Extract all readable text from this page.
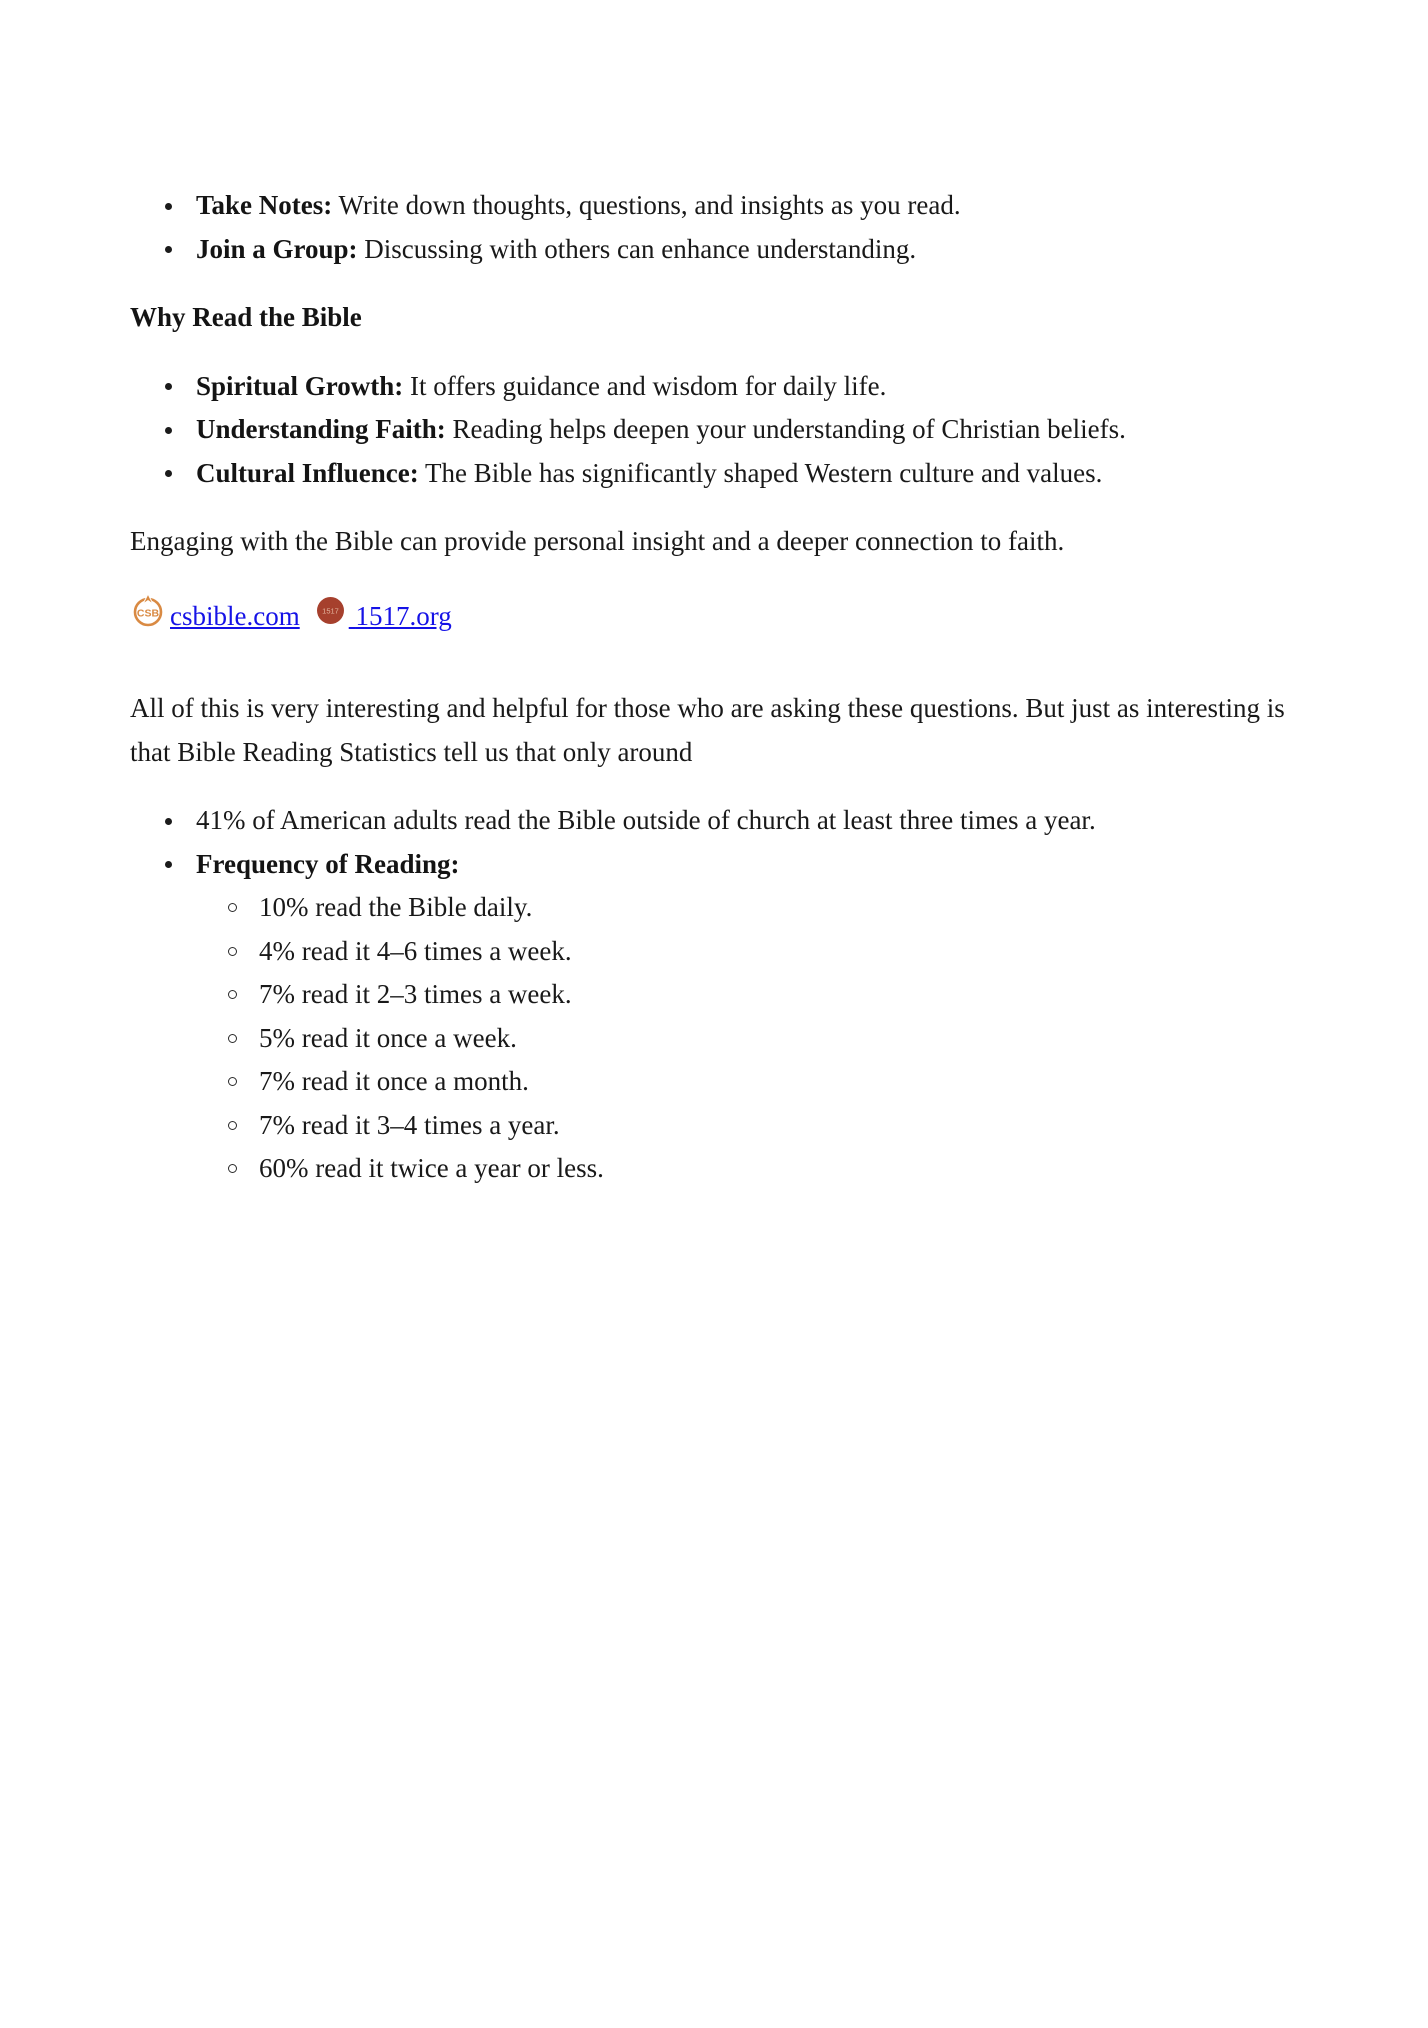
Take Notes: Write down thoughts, questions, and insights as you read.
Join a Group: Discussing with others can enhance understanding.
Why Read the Bible
Spiritual Growth: It offers guidance and wisdom for daily life.
Understanding Faith: Reading helps deepen your understanding of Christian beliefs.
Cultural Influence: The Bible has significantly shaped Western culture and values.

Engaging with the Bible can provide personal insight and a deeper connection to faith.

CSB csbible.com	1517 1517.org

All of this is very interesting and helpful for those who are asking these questions. But just as interesting is that Bible Reading Statistics tell us that only around

41% of American adults read the Bible outside of church at least three times a year.
Frequency of Reading:
10% read the Bible daily.
4% read it 4–6 times a week.
7% read it 2–3 times a week.
5% read it once a week.
7% read it once a month.
7% read it 3–4 times a year.
60% read it twice a year or less.
